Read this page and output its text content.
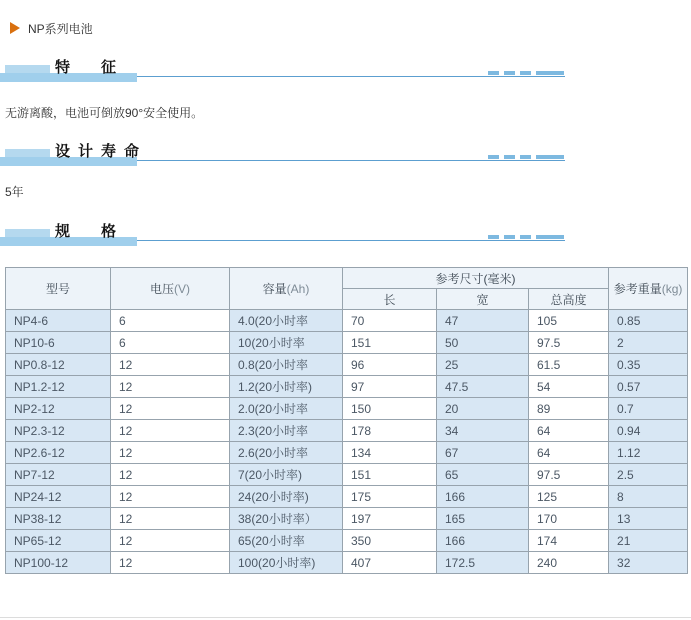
NP系列电池
特　征

无游离酸，电池可倒放90°安全使用。

设计寿命

5年

规　格
型号	电压(V)	容量(Ah)	参考尺寸(毫米)			参考重量(kg)
			长	宽	总高度	
NP4-6	6	4.0(20小时率	70	47	105	0.85
NP10-6	6	10(20小时率	151	50	97.5	2
NP0.8-12	12	0.8(20小时率	96	25	61.5	0.35
NP1.2-12	12	1.2(20小时率)	97	47.5	54	0.57
NP2-12	12	2.0(20小时率	150	20	89	0.7
NP2.3-12	12	2.3(20小时率	178	34	64	0.94
NP2.6-12	12	2.6(20小时率	134	67	64	1.12
NP7-12	12	7(20小时率)	151	65	97.5	2.5
NP24-12	12	24(20小时率)	175	166	125	8
NP38-12	12	38(20小时率）	197	165	170	13
NP65-12	12	65(20小时率	350	166	174	21
NP100-12	12	100(20小时率)	407	172.5	240	32
